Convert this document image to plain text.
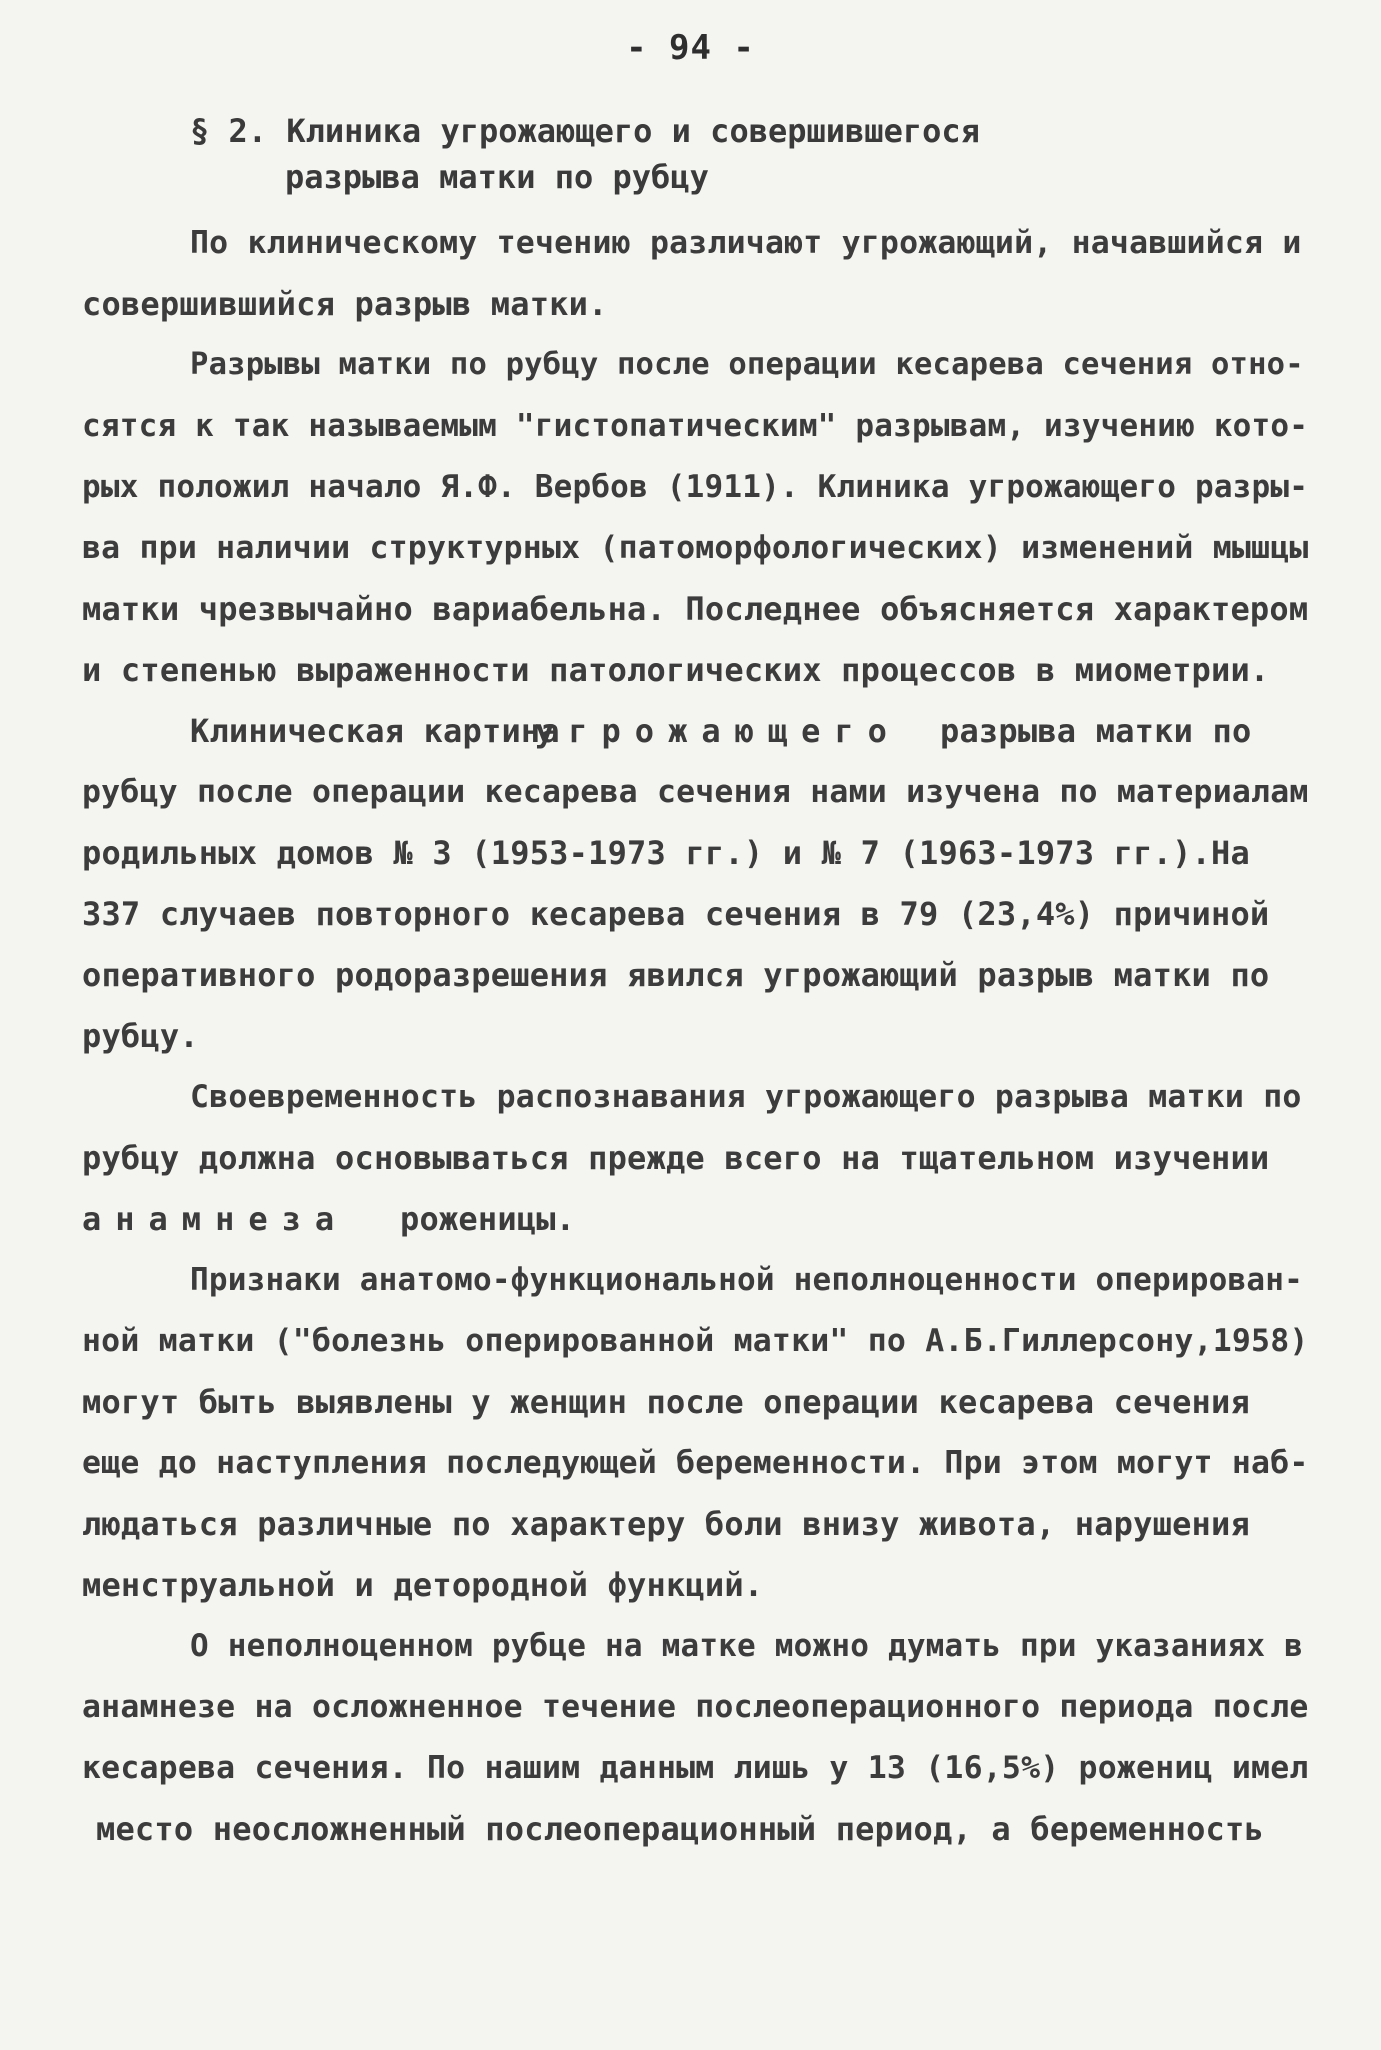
- 94 -
§ 2. Клиника угрожающего и совершившегося
разрыва матки по рубцу
По клиническому течению различают угрожающий, начавшийся и
совершившийся разрыв матки.
Разрывы матки по рубцу после операции кесарева сечения отно-
сятся к так называемым "гистопатическим" разрывам, изучению кото-
рых положил начало Я.Ф. Вербов (1911). Клиника угрожающего разры-
ва при наличии структурных (патоморфологических) изменений мышцы
матки чрезвычайно вариабельна. Последнее объясняется характером
и степенью выраженности патологических процессов в миометрии.
Клиническая картина
угрожающего разрыва матки по
рубцу после операции кесарева сечения нами изучена по материалам
родильных домов № 3 (1953-1973 гг.) и № 7 (1963-1973 гг.).На
337 случаев повторного кесарева сечения в 79 (23,4%) причиной
оперативного родоразрешения явился угрожающий разрыв матки по
рубцу.
Своевременность распознавания угрожающего разрыва матки по
рубцу должна основываться прежде всего на тщательном изучении
анамнеза роженицы.
Признаки анатомо-функциональной неполноценности оперирован-
ной матки ("болезнь оперированной матки" по А.Б.Гиллерсону,1958)
могут быть выявлены у женщин после операции кесарева сечения
еще до наступления последующей беременности. При этом могут наб-
людаться различные по характеру боли внизу живота, нарушения
менструальной и детородной функций.
О неполноценном рубце на матке можно думать при указаниях в
анамнезе на осложненное течение послеоперационного периода после
кесарева сечения. По нашим данным лишь у 13 (16,5%) рожениц имел
место неосложненный послеоперационный период, а беременность
